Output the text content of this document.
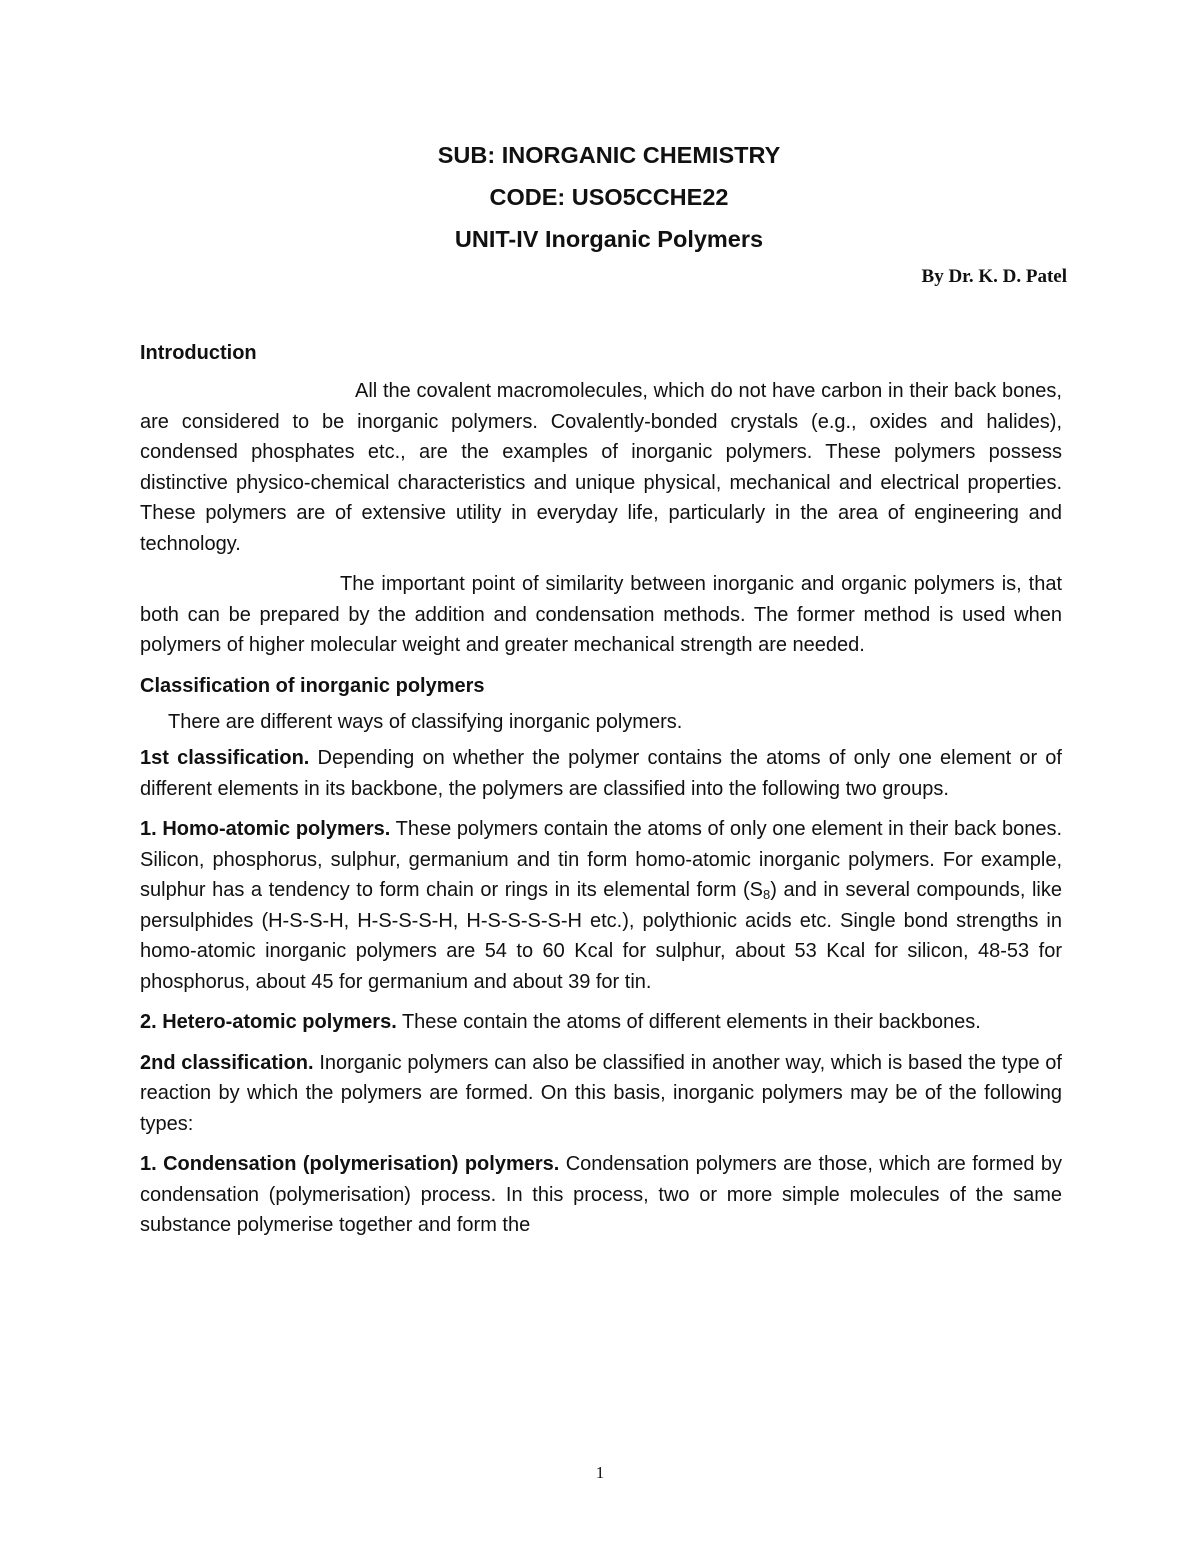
SUB: INORGANIC CHEMISTRY
CODE: USO5CCHE22
UNIT-IV Inorganic Polymers
By Dr. K. D. Patel
Introduction

All the covalent macromolecules, which do not have carbon in their back bones, are considered to be inorganic polymers. Covalently-bonded crystals (e.g., oxides and halides), condensed phosphates etc., are the examples of inorganic polymers. These polymers possess distinctive physico-chemical characteristics and unique physical, mechanical and electrical properties. These polymers are of extensive utility in everyday life, particularly in the area of engineering and technology.

The important point of similarity between inorganic and organic polymers is, that both can be prepared by the addition and condensation methods. The former method is used when polymers of higher molecular weight and greater mechanical strength are needed.

Classification of inorganic polymers

There are different ways of classifying inorganic polymers.

1st classification. Depending on whether the polymer contains the atoms of only one element or of different elements in its backbone, the polymers are classified into the following two groups.

1. Homo-atomic polymers. These polymers contain the atoms of only one element in their back bones. Silicon, phosphorus, sulphur, germanium and tin form homo-atomic inorganic polymers. For example, sulphur has a tendency to form chain or rings in its elemental form $(S_8)$ and in several compounds, like persulphides (H-S-S-H, H-S-S-S-H, H-S-S-S-S-H etc.), polythionic acids etc. Single bond strengths in homo-atomic inorganic polymers are 54 to 60 Kcal for sulphur, about 53 Kcal for silicon, 48-53 for phosphorus, about 45 for germanium and about 39 for tin.

2. Hetero-atomic polymers. These contain the atoms of different elements in their backbones.

2nd classification. Inorganic polymers can also be classified in another way, which is based the type of reaction by which the polymers are formed. On this basis, inorganic polymers may be of the following types:

1. Condensation (polymerisation) polymers. Condensation polymers are those, which are formed by condensation (polymerisation) process. In this process, two or more simple molecules of the same substance polymerise together and form the

1
